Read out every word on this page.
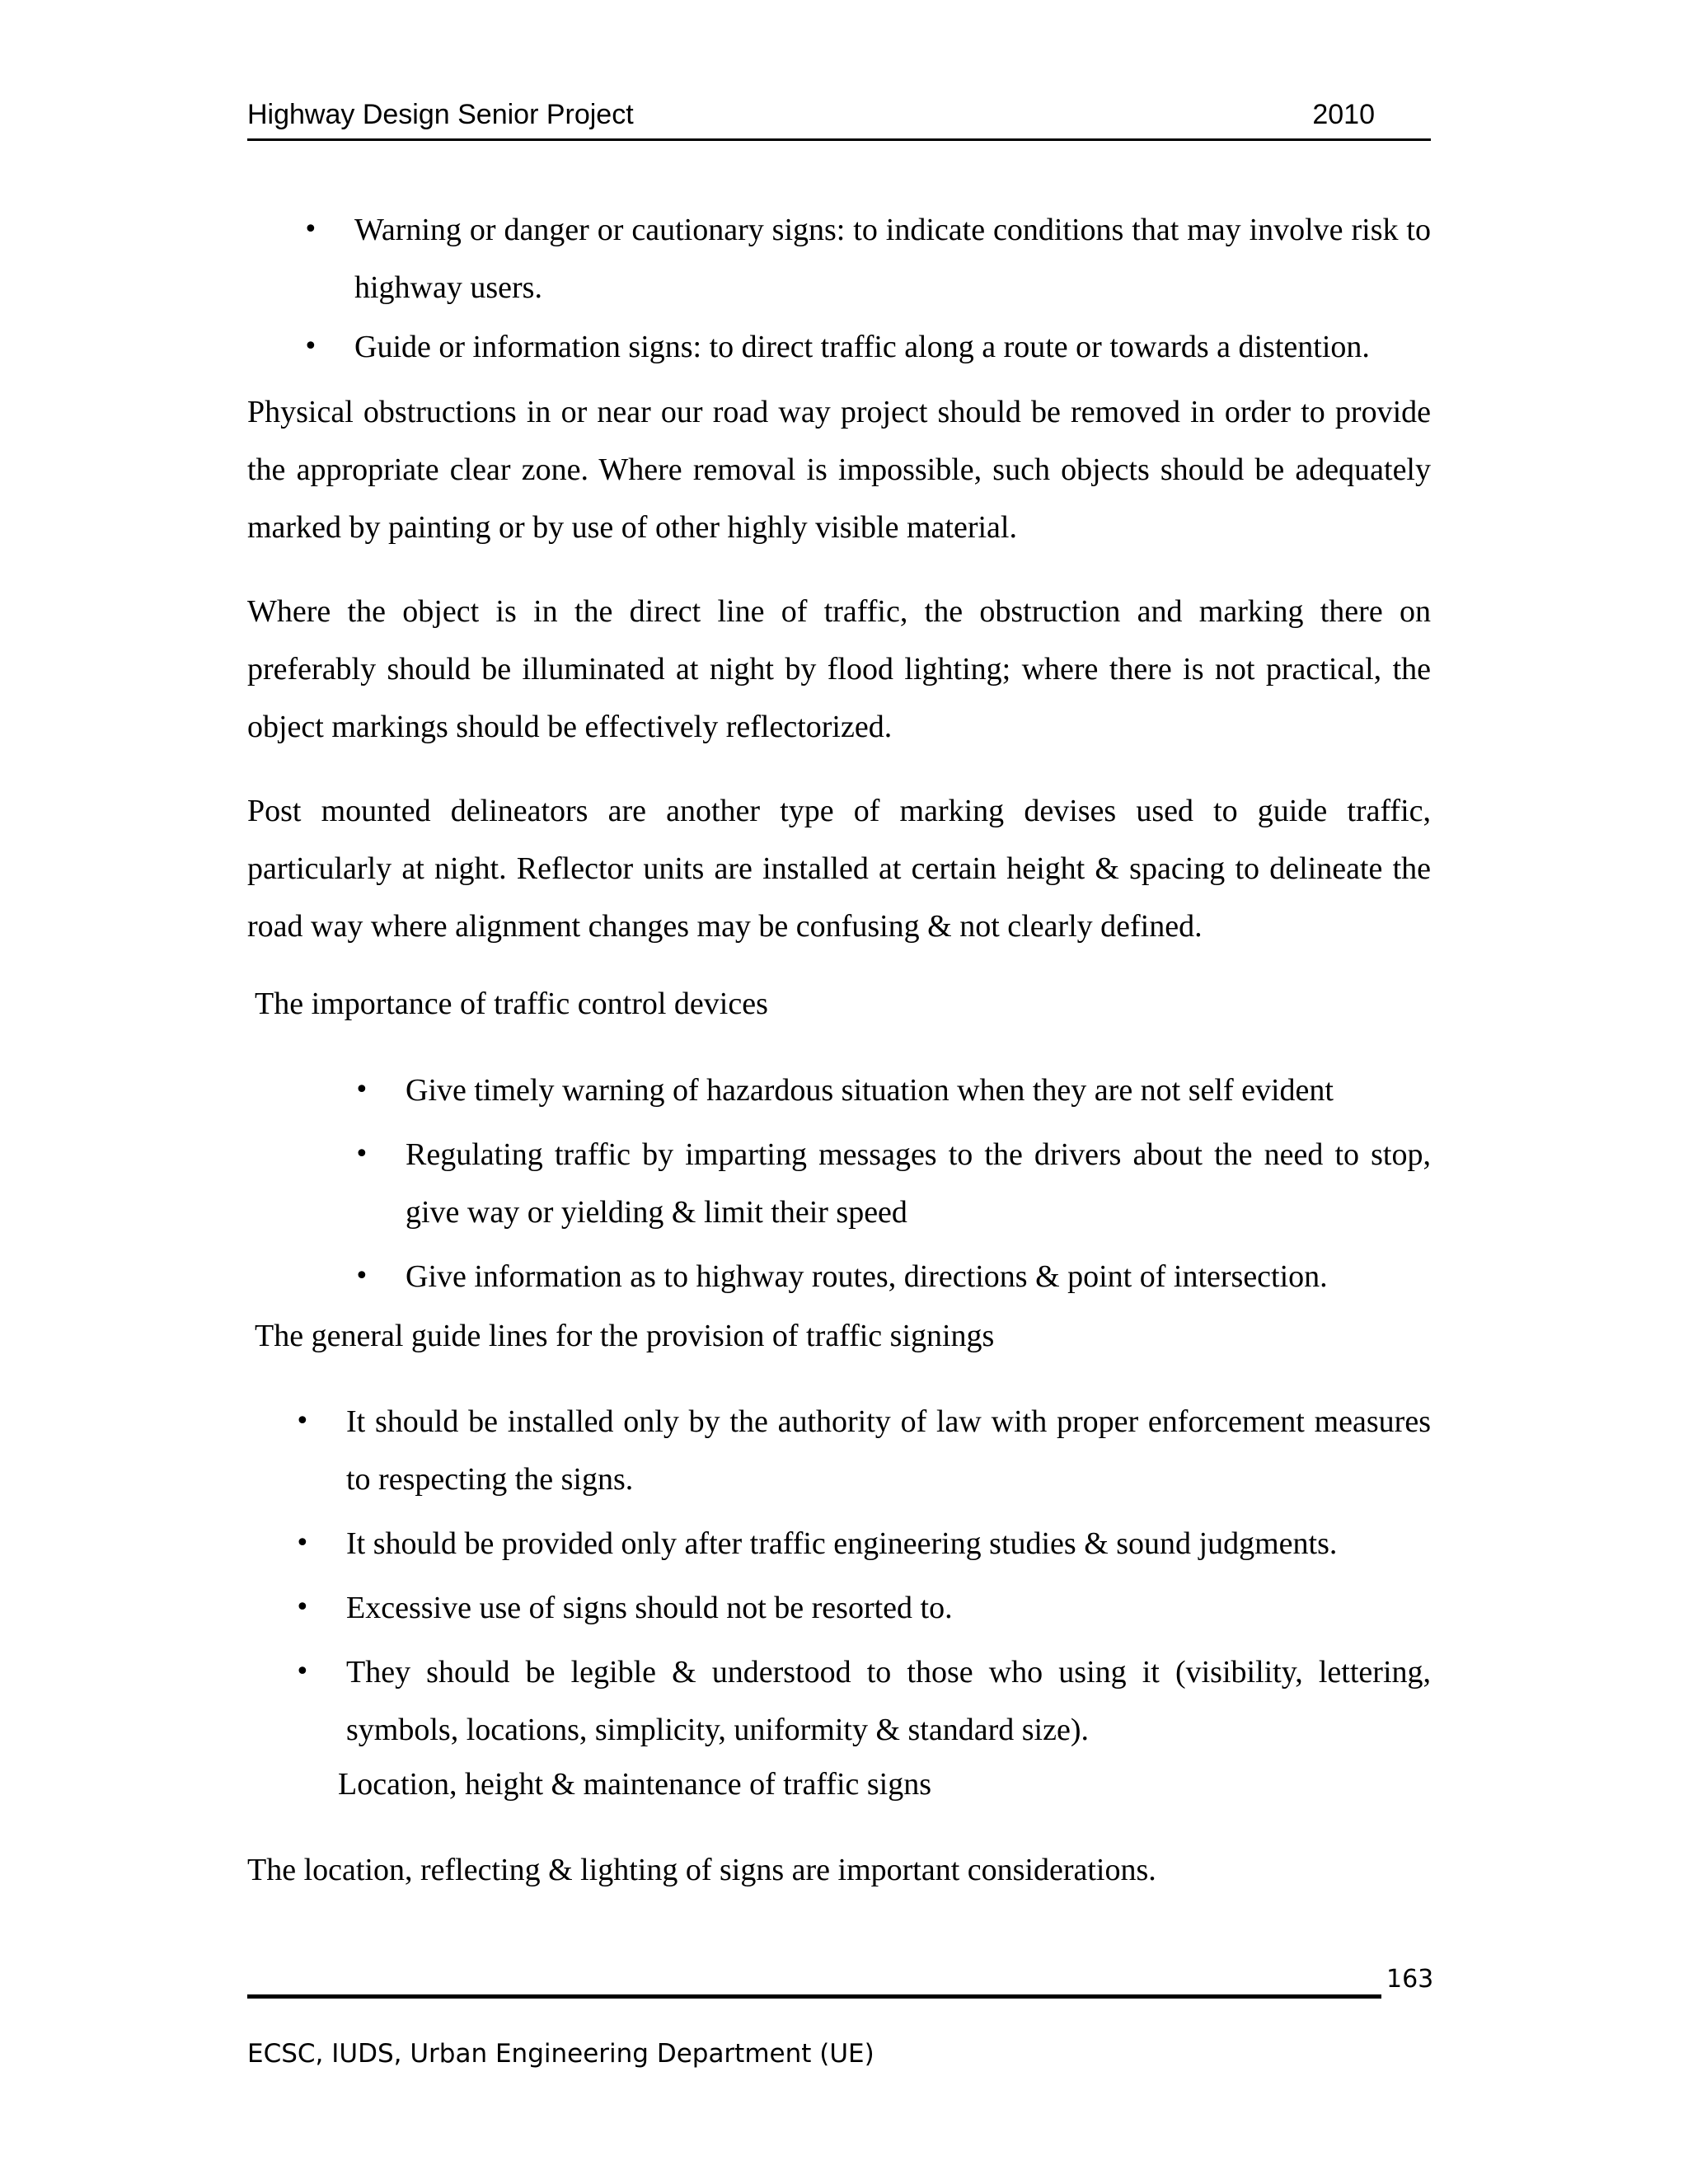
Highway Design Senior Project	2010
• Warning or danger or cautionary signs: to indicate conditions that may involve risk to highway users.
• Guide or information signs: to direct traffic along a route or towards a distention.
Physical obstructions in or near our road way project should be removed in order to provide the appropriate clear zone. Where removal is impossible, such objects should be adequately marked by painting or by use of other highly visible material.
Where the object is in the direct line of traffic, the obstruction and marking there on preferably should be illuminated at night by flood lighting; where there is not practical, the object markings should be effectively reflectorized.
Post mounted delineators are another type of marking devises used to guide traffic, particularly at night. Reflector units are installed at certain height & spacing to delineate the road way where alignment changes may be confusing & not clearly defined.
The importance of traffic control devices
• Give timely warning of hazardous situation when they are not self evident
• Regulating traffic by imparting messages to the drivers about the need to stop, give way or yielding & limit their speed
• Give information as to highway routes, directions & point of intersection.
The general guide lines for the provision of traffic signings
• It should be installed only by the authority of law with proper enforcement measures to respecting the signs.
• It should be provided only after traffic engineering studies & sound judgments.
• Excessive use of signs should not be resorted to.
• They should be legible & understood to those who using it (visibility, lettering, symbols, locations, simplicity, uniformity & standard size).
Location, height & maintenance of traffic signs
The location, reflecting & lighting of signs are important considerations.
163
ECSC, IUDS, Urban Engineering Department (UE)
